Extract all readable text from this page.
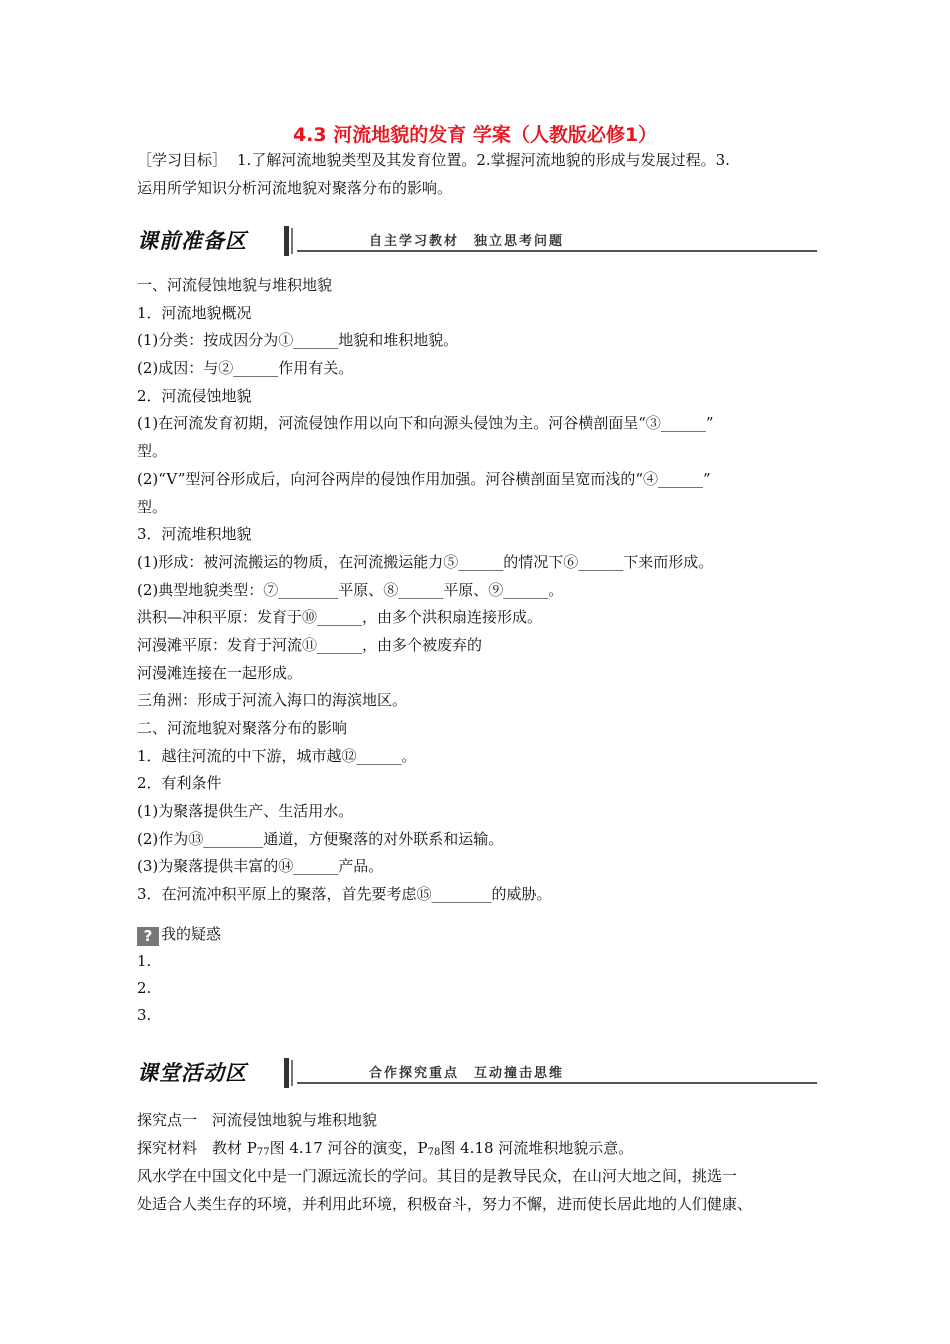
4.3 河流地貌的发育 学案（人教版必修1）
［学习目标］ 1.了解河流地貌类型及其发育位置。2.掌握河流地貌的形成与发展过程。3.
运用所学知识分析河流地貌对聚落分布的影响。
课前准备区	自主学习教材　独立思考问题
一、河流侵蚀地貌与堆积地貌
1．河流地貌概况
(1)分类：按成因分为①______地貌和堆积地貌。
(2)成因：与②______作用有关。
2．河流侵蚀地貌
(1)在河流发育初期，河流侵蚀作用以向下和向源头侵蚀为主。河谷横剖面呈“③______”
型。
(2)“V”型河谷形成后，向河谷两岸的侵蚀作用加强。河谷横剖面呈宽而浅的“④______”
型。
3．河流堆积地貌
(1)形成：被河流搬运的物质，在河流搬运能力⑤______的情况下⑥______下来而形成。
(2)典型地貌类型：⑦________平原、⑧______平原、⑨______。
洪积—冲积平原：发育于⑩______，由多个洪积扇连接形成。
河漫滩平原：发育于河流⑪______，由多个被废弃的
河漫滩连接在一起形成。
三角洲：形成于河流入海口的海滨地区。
二、河流地貌对聚落分布的影响
1．越往河流的中下游，城市越⑫______。
2．有利条件
(1)为聚落提供生产、生活用水。
(2)作为⑬________通道，方便聚落的对外联系和运输。
(3)为聚落提供丰富的⑭______产品。
3．在河流冲积平原上的聚落，首先要考虑⑮________的威胁。
? 我的疑惑
1.
2.
3.
课堂活动区	合作探究重点　互动撞击思维
探究点一　河流侵蚀地貌与堆积地貌
探究材料　教材 $P_{77}$图 4.17 河谷的演变，$P_{78}$图 4.18 河流堆积地貌示意。
风水学在中国文化中是一门源远流长的学问。其目的是教导民众，在山河大地之间，挑选一
处适合人类生存的环境，并利用此环境，积极奋斗，努力不懈，进而使长居此地的人们健康、
